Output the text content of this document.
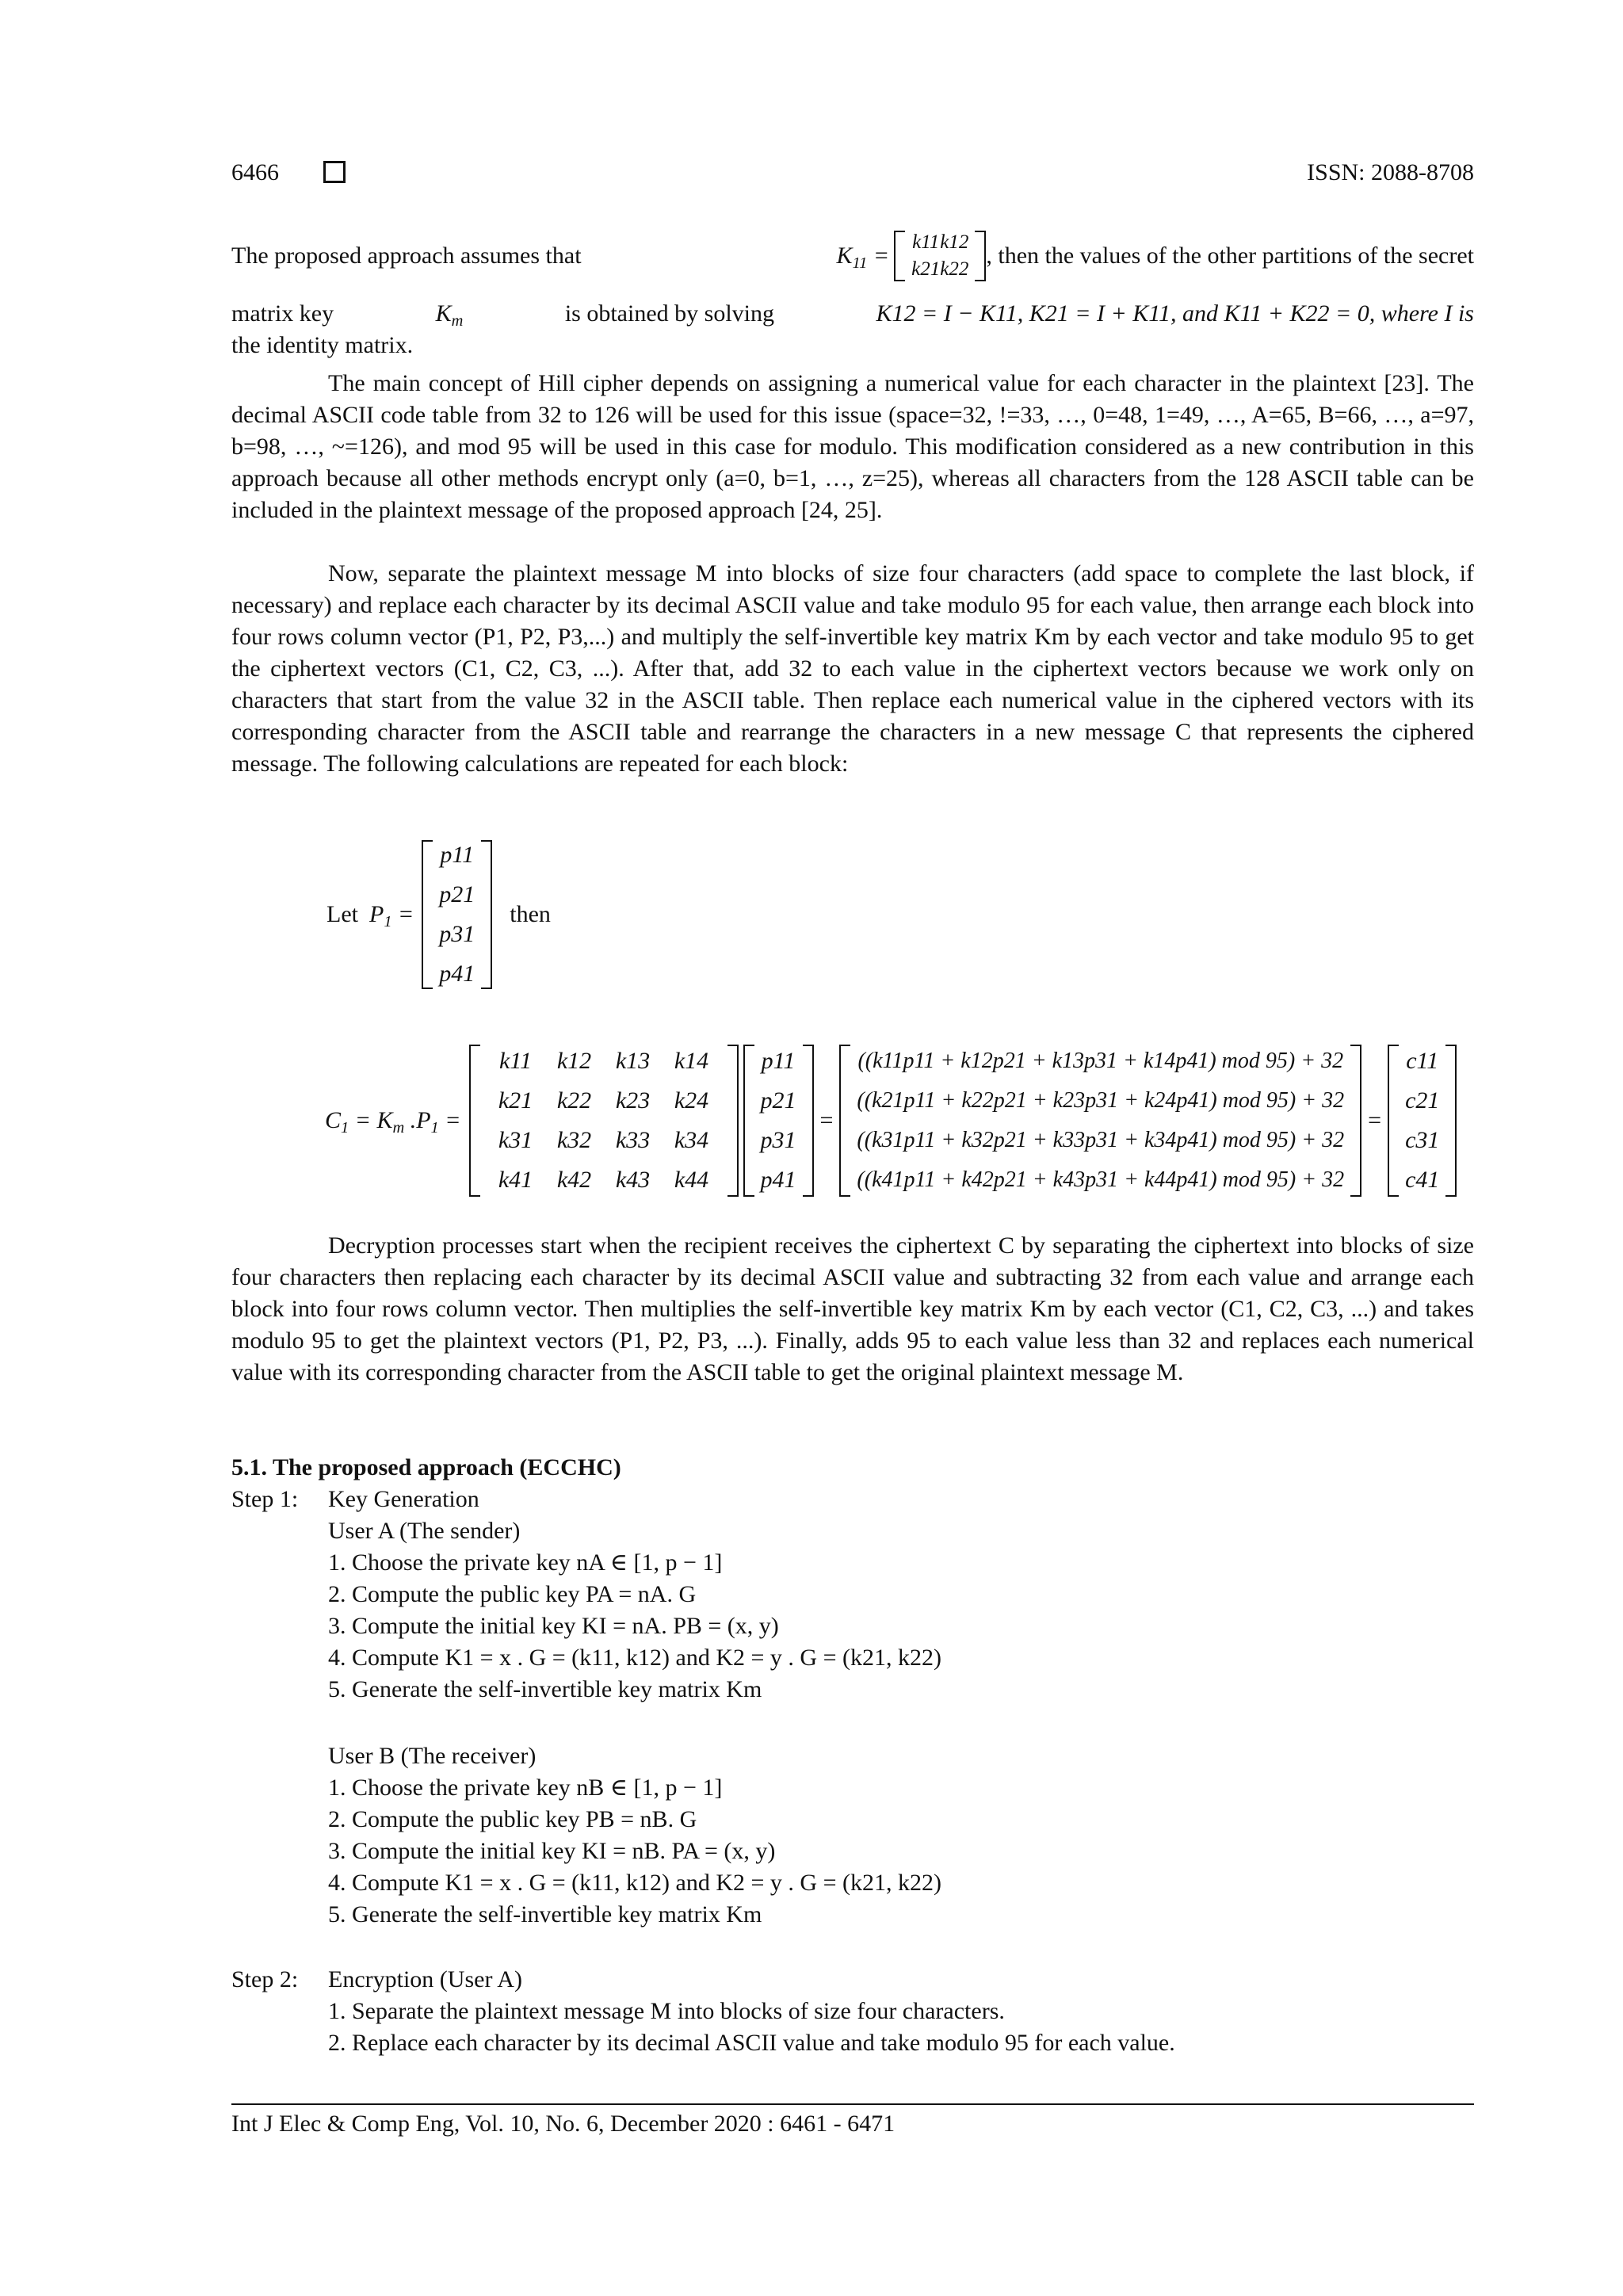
6466	ISSN: 2088-8708
The proposed approach assumes that	$K_{11}$ =
k11 k12
k21 k22
, then the values of the other partitions of the secret
matrix key	$K_m$	is obtained by solving	K12 = I − K11, K21 = I + K11, and K11 + K22 = 0, where I is
the identity matrix.

The main concept of Hill cipher depends on assigning a numerical value for each character in the plaintext [23]. The decimal ASCII code table from 32 to 126 will be used for this issue (space=32, !=33, …, 0=48, 1=49, …, A=65, B=66, …, a=97, b=98, …, ~=126), and mod 95 will be used in this case for modulo. This modification considered as a new contribution in this approach because all other methods encrypt only (a=0, b=1, …, z=25), whereas all characters from the 128 ASCII table can be included in the plaintext message of the proposed approach [24, 25].

Now, separate the plaintext message M into blocks of size four characters (add space to complete the last block, if necessary) and replace each character by its decimal ASCII value and take modulo 95 for each value, then arrange each block into four rows column vector (P1, P2, P3,...) and multiply the self-invertible key matrix Km by each vector and take modulo 95 to get the ciphertext vectors (C1, C2, C3, ...). After that, add 32 to each value in the ciphertext vectors because we work only on characters that start from the value 32 in the ASCII table. Then replace each numerical value in the ciphered vectors with its corresponding character from the ASCII table and rearrange the characters in a new message C that represents the ciphered message. The following calculations are repeated for each block:

Let $P_1$ =
p11
p21
p31
p41
then
$C_1 = K_m$ $.P_1$ =
k11	k12	k13	k14
k21	k22	k23	k24
k31	k32	k33	k34
k41	k42	k43	k44
p11
p21
p31
p41
=
((k11p11 + k12p21 + k13p31 + k14p41) mod 95) + 32
((k21p11 + k22p21 + k23p31 + k24p41) mod 95) + 32
((k31p11 + k32p21 + k33p31 + k34p41) mod 95) + 32
((k41p11 + k42p21 + k43p31 + k44p41) mod 95) + 32
=
c11
c21
c31
c41

Decryption processes start when the recipient receives the ciphertext C by separating the ciphertext into blocks of size four characters then replacing each character by its decimal ASCII value and subtracting 32 from each value and arrange each block into four rows column vector. Then multiplies the self-invertible key matrix Km by each vector (C1, C2, C3, ...) and takes modulo 95 to get the plaintext vectors (P1, P2, P3, ...). Finally, adds 95 to each value less than 32 and replaces each numerical value with its corresponding character from the ASCII table to get the original plaintext message M.

5.1. The proposed approach (ECCHC)
Step 1: Key Generation
User A (The sender)
1. Choose the private key nA ∈ [1, p − 1]
2. Compute the public key PA = nA. G
3. Compute the initial key KI = nA. PB = (x, y)
4. Compute K1 = x . G = (k11, k12) and K2 = y . G = (k21, k22)
5. Generate the self-invertible key matrix Km
User B (The receiver)
1. Choose the private key nB ∈ [1, p − 1]
2. Compute the public key PB = nB. G
3. Compute the initial key KI = nB. PA = (x, y)
4. Compute K1 = x . G = (k11, k12) and K2 = y . G = (k21, k22)
5. Generate the self-invertible key matrix Km
Step 2: Encryption (User A)
1. Separate the plaintext message M into blocks of size four characters.
2. Replace each character by its decimal ASCII value and take modulo 95 for each value.
Int J Elec & Comp Eng, Vol. 10, No. 6, December 2020 : 6461 - 6471
